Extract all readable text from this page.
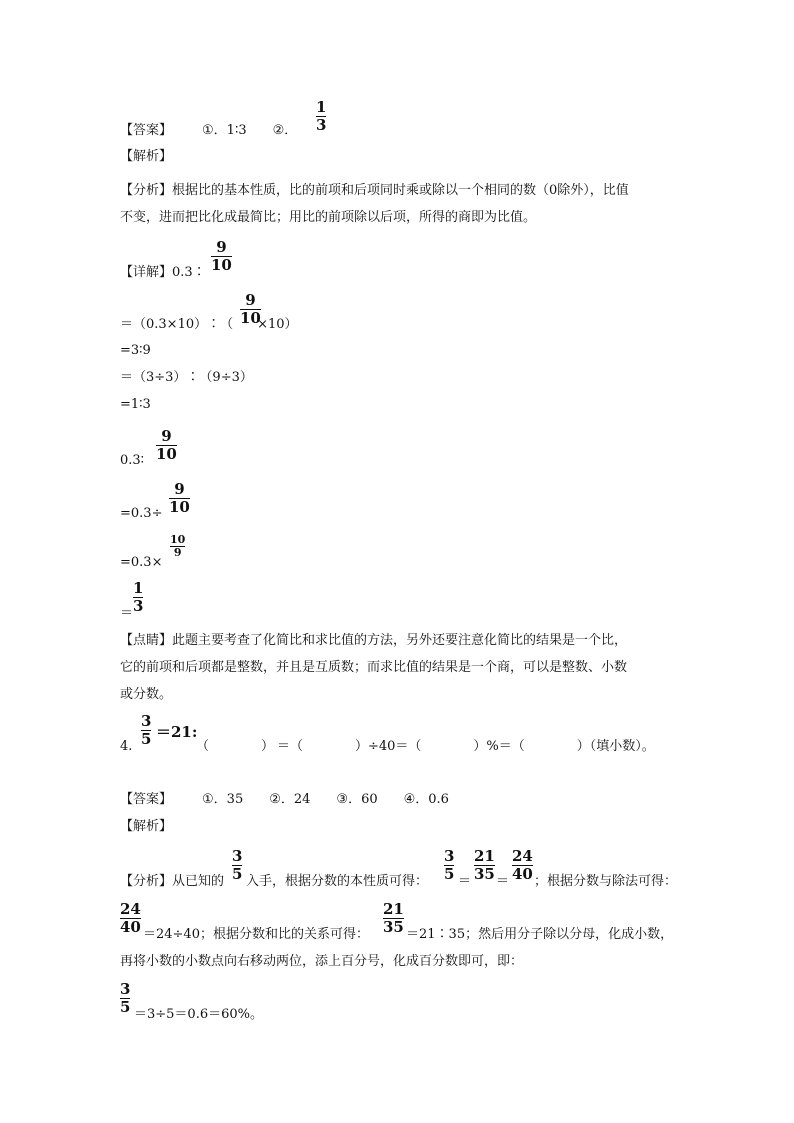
【答案】 ①．1∶3 ②．
1
3
【解析】
【分析】根据比的基本性质，比的前项和后项同时乘或除以一个相同的数（0除外），比值
不变，进而把比化成最简比；用比的前项除以后项，所得的商即为比值。
【详解】0.3∶
9
10
＝（0.3×10）∶（ ×10）
9
10
=3∶9
＝（3÷3）∶（9÷3）
=1∶3
0.3∶
9
10
=0.3÷
9
10
=0.3×
10
9
＝
1
3
【点睛】此题主要考查了化简比和求比值的方法，另外还要注意化简比的结果是一个比，
它的前项和后项都是整数，并且是互质数；而求比值的结果是一个商，可以是整数、小数
或分数。
4.
3
5 ＝21:
（　　　　） ＝（　　　　）÷40＝（　　　　）%＝（　　　　）（填小数）。
【答案】 ①．35　　②．24　　③．60　　④．0.6
【解析】
【分析】从已知的
3
5 入手，根据分数的本性质可得：
3
5 ＝
21
35 ＝
24
40 ；根据分数与除法可得：
24
40 ＝24÷40；根据分数和比的关系可得：
21
35 ＝21∶35；然后用分子除以分母，化成小数，
再将小数的小数点向右移动两位，添上百分号，化成百分数即可，即：
3
5 ＝3÷5＝0.6＝60%。
